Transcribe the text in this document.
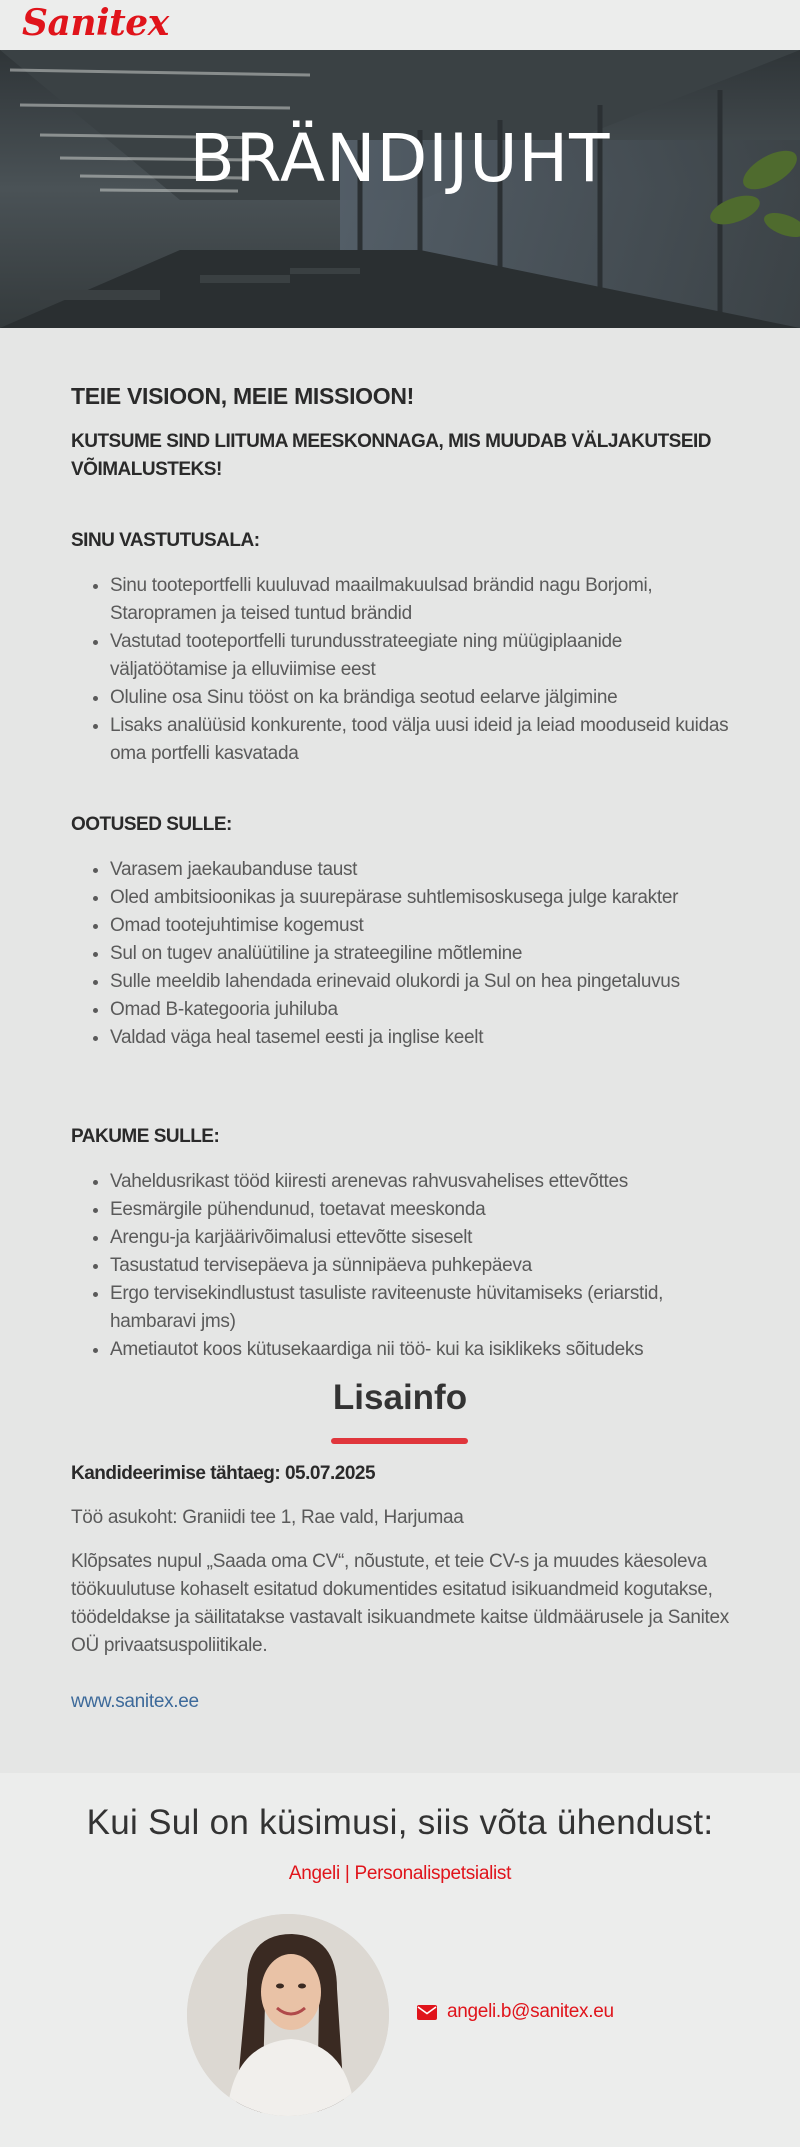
Sanitex
BRÄNDIJUHT
TEIE VISIOON, MEIE MISSIOON!
KUTSUME SIND LIITUMA MEESKONNAGA, MIS MUUDAB VÄLJAKUTSEID VÕIMALUSTEKS!
SINU VASTUTUSALA:
• Sinu tooteportfelli kuuluvad maailmakuulsad brändid nagu Borjomi, Staropramen ja teised tuntud brändid
• Vastutad tooteportfelli turundusstrateegiate ning müügiplaanide väljatöötamise ja elluviimise eest
• Oluline osa Sinu tööst on ka brändiga seotud eelarve jälgimine
• Lisaks analüüsid konkurente, tood välja uusi ideid ja leiad mooduseid kuidas oma portfelli kasvatada
OOTUSED SULLE:
• Varasem jaekaubanduse taust
• Oled ambitsioonikas ja suurepärase suhtlemisoskusega julge karakter
• Omad tootejuhtimise kogemust
• Sul on tugev analüütiline ja strateegiline mõtlemine
• Sulle meeldib lahendada erinevaid olukordi ja Sul on hea pingetaluvus
• Omad B-kategooria juhiluba
• Valdad väga heal tasemel eesti ja inglise keelt
PAKUME SULLE:
• Vaheldusrikast tööd kiiresti arenevas rahvusvahelises ettevõttes
• Eesmärgile pühendunud, toetavat meeskonda
• Arengu-ja karjäärivõimalusi ettevõtte siseselt
• Tasustatud tervisepäeva ja sünnipäeva puhkepäeva
• Ergo tervisekindlustust tasuliste raviteenuste hüvitamiseks (eriarstid, hambaravi jms)
• Ametiautot koos kütusekaardiga nii töö- kui ka isiklikeks sõitudeks
Lisainfo
Kandideerimise tähtaeg: 05.07.2025
Töö asukoht: Graniidi tee 1, Rae vald, Harjumaa
Klõpsates nupul „Saada oma CV“, nõustute, et teie CV-s ja muudes käesoleva töökuulutuse kohaselt esitatud dokumentides esitatud isikuandmeid kogutakse, töödeldakse ja säilitatakse vastavalt isikuandmete kaitse üldmäärusele ja Sanitex OÜ privaatsuspoliitikale.
www.sanitex.ee
Kui Sul on küsimusi, siis võta ühendust:
Angeli | Personalispetsialist
angeli.b@sanitex.eu
